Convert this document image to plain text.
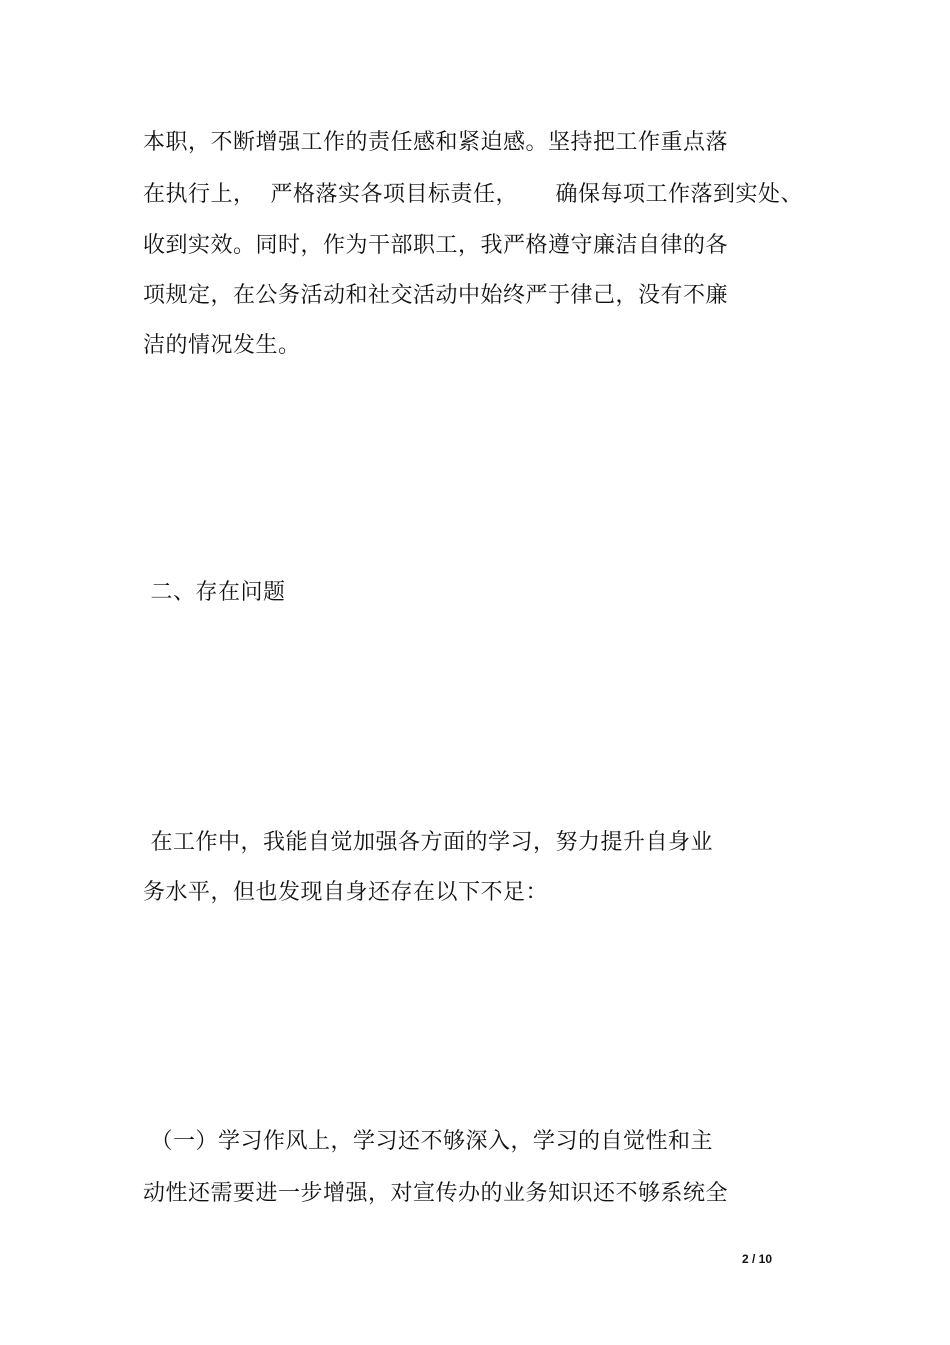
本职，不断增强工作的责任感和紧迫感。坚持把工作重点落
在执行上，  严格落实各项目标责任，     确保每项工作落到实处、
收到实效。同时，作为干部职工，我严格遵守廉洁自律的各
项规定，在公务活动和社交活动中始终严于律己，没有不廉
洁的情况发生。
二、存在问题
在工作中，我能自觉加强各方面的学习，努力提升自身业
务水平，但也发现自身还存在以下不足：
（一）学习作风上，学习还不够深入，学习的自觉性和主
动性还需要进一步增强，对宣传办的业务知识还不够系统全
2 / 10
